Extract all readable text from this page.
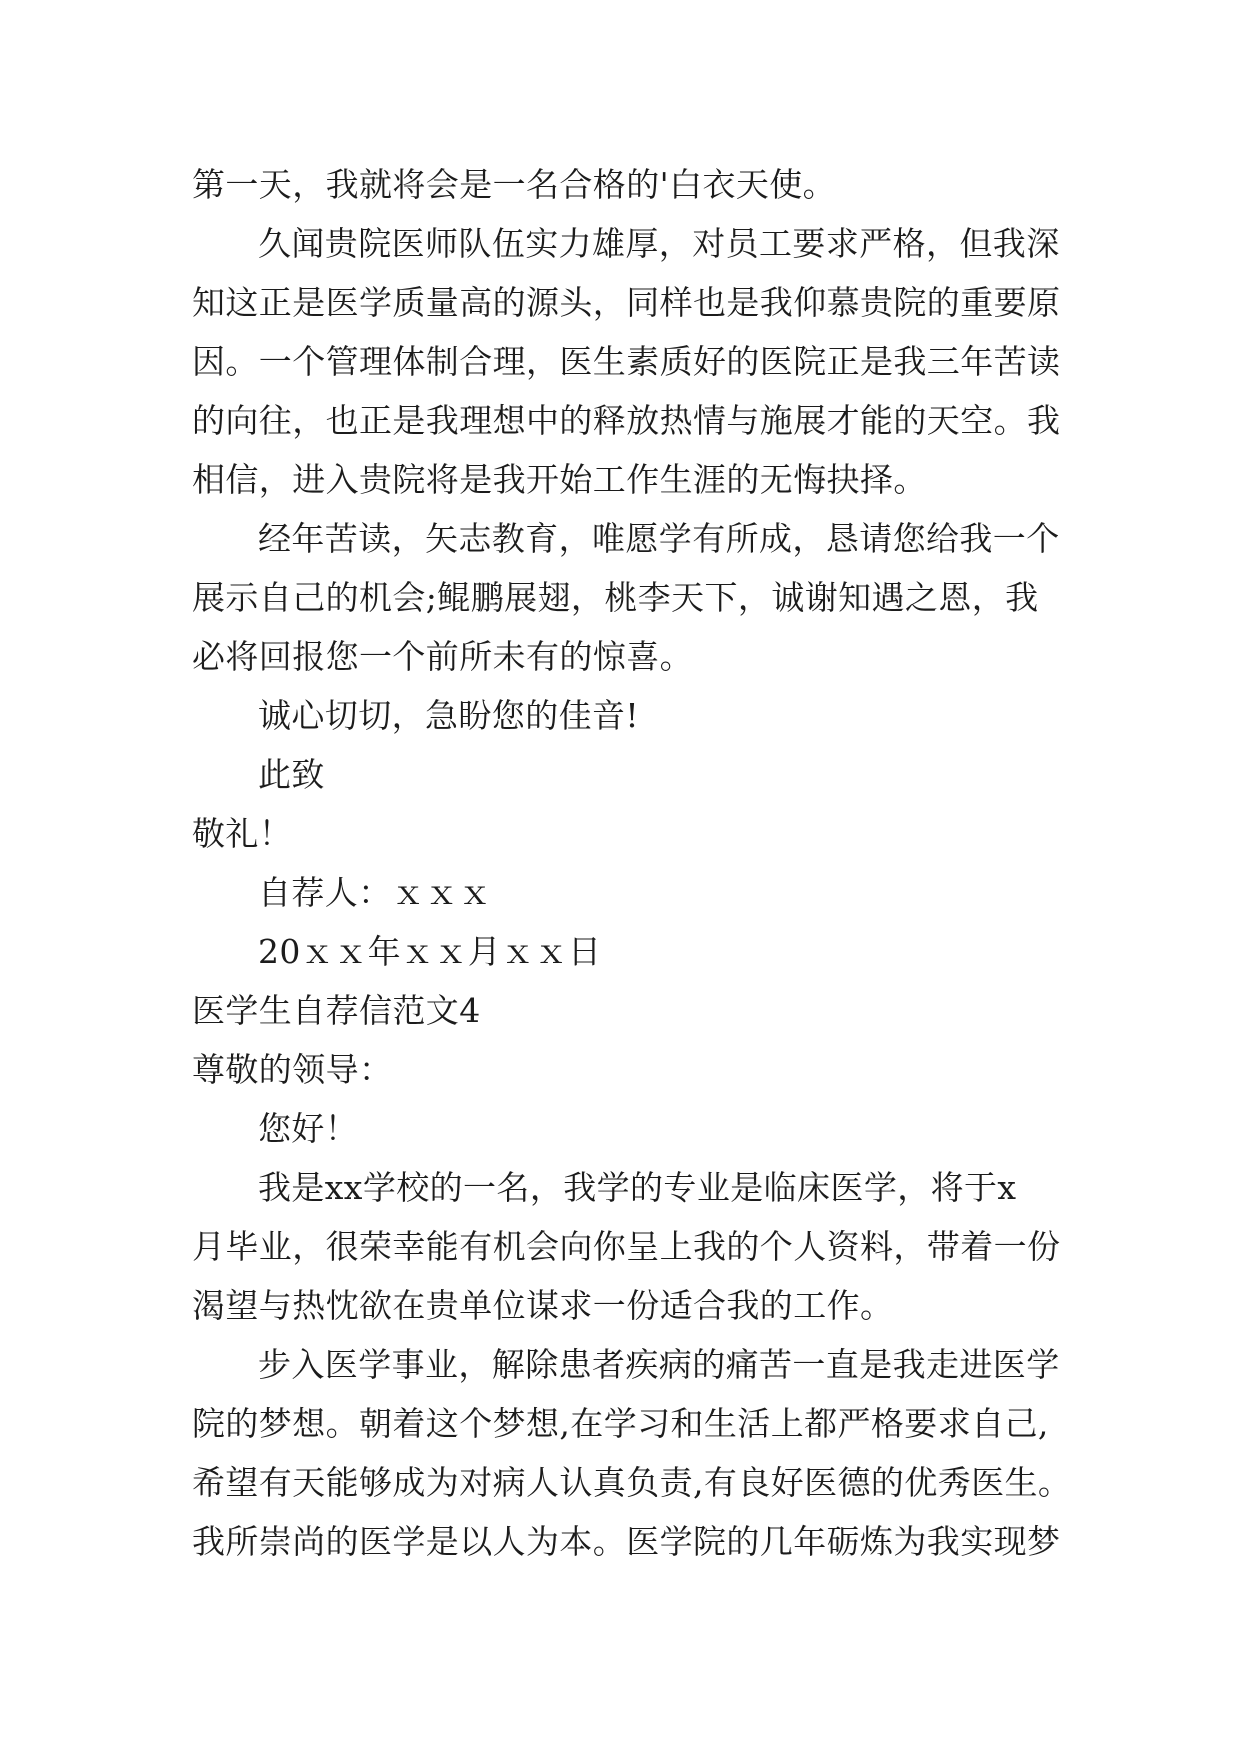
第一天，我就将会是一名合格的'白衣天使。
久闻贵院医师队伍实力雄厚，对员工要求严格，但我深
知这正是医学质量高的源头，同样也是我仰慕贵院的重要原
因。一个管理体制合理，医生素质好的医院正是我三年苦读
的向往，也正是我理想中的释放热情与施展才能的天空。我
相信，进入贵院将是我开始工作生涯的无悔抉择。
经年苦读，矢志教育，唯愿学有所成，恳请您给我一个
展示自己的机会;鲲鹏展翅，桃李天下，诚谢知遇之恩，我
必将回报您一个前所未有的惊喜。
诚心切切，急盼您的佳音!
此致
敬礼！
自荐人：ｘｘｘ
20ｘｘ年ｘｘ月ｘｘ日
医学生自荐信范文4
尊敬的领导：
您好！
我是xx学校的一名，我学的专业是临床医学，将于x
月毕业，很荣幸能有机会向你呈上我的个人资料，带着一份
渴望与热忱欲在贵单位谋求一份适合我的工作。
步入医学事业，解除患者疾病的痛苦一直是我走进医学
院的梦想。朝着这个梦想,在学习和生活上都严格要求自己,
希望有天能够成为对病人认真负责,有良好医德的优秀医生。
我所崇尚的医学是以人为本。医学院的几年砺炼为我实现梦
